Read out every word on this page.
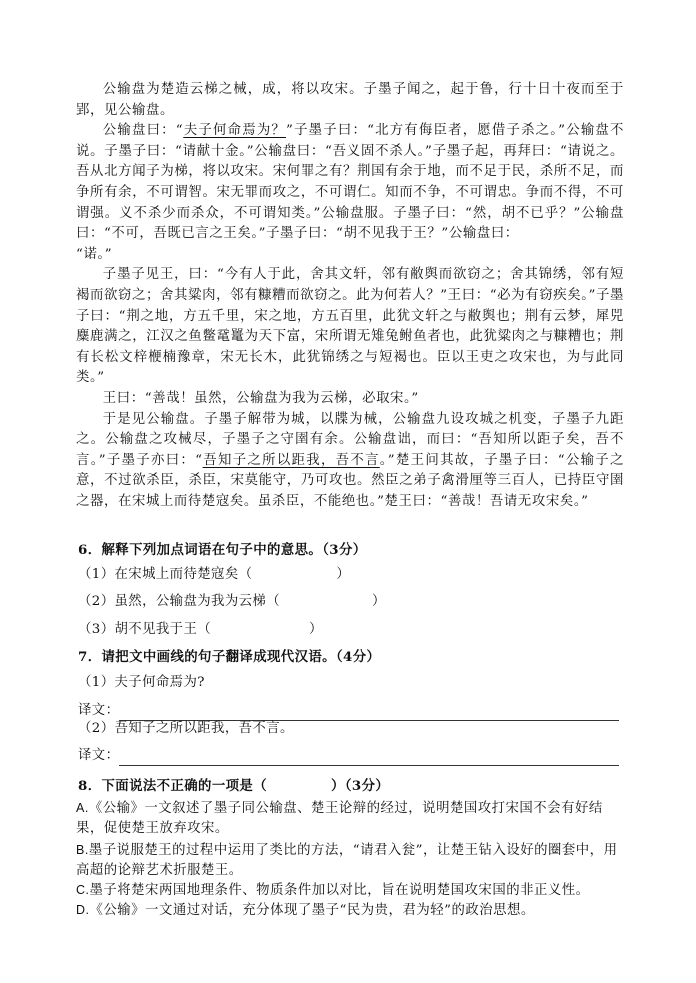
公输盘为楚造云梯之械，成，将以攻宋。子墨子闻之，起于鲁，行十日十夜而至于郢，见公输盘。

公输盘曰：“夫子何命焉为？”子墨子曰：“北方有侮臣者，愿借子杀之。”公输盘不说。子墨子曰：“请献十金。”公输盘曰：“吾义固不杀人。”子墨子起，再拜曰：“请说之。吾从北方闻子为梯，将以攻宋。宋何罪之有？荆国有余于地，而不足于民，杀所不足，而争所有余，不可谓智。宋无罪而攻之，不可谓仁。知而不争，不可谓忠。争而不得，不可谓强。义不杀少而杀众，不可谓知类。”公输盘服。子墨子曰：“然，胡不已乎？”公输盘曰：“不可，吾既已言之王矣。”子墨子曰：“胡不见我于王？”公输盘曰：

“诺。”

子墨子见王，曰：“今有人于此，舍其文轩，邻有敝舆而欲窃之；舍其锦绣，邻有短褐而欲窃之；舍其粱肉，邻有糠糟而欲窃之。此为何若人？”王曰：“必为有窃疾矣。”子墨子曰：“荆之地，方五千里，宋之地，方五百里，此犹文轩之与敝舆也；荆有云梦，犀兕麋鹿满之，江汉之鱼鳖鼋鼍为天下富，宋所谓无雉兔鲋鱼者也，此犹粱肉之与糠糟也；荆有长松文梓楩楠豫章，宋无长木，此犹锦绣之与短褐也。臣以王吏之攻宋也，为与此同类。”

王曰：“善哉！虽然，公输盘为我为云梯，必取宋。”

于是见公输盘。子墨子解带为城，以牒为械，公输盘九设攻城之机变，子墨子九距之。公输盘之攻械尽，子墨子之守圉有余。公输盘诎，而曰：“吾知所以距子矣，吾不言。”子墨子亦曰：“吾知子之所以距我，吾不言。”楚王问其故，子墨子曰：“公输子之意，不过欲杀臣，杀臣，宋莫能守，乃可攻也。然臣之弟子禽滑厘等三百人，已持臣守圉之器，在宋城上而待楚寇矣。虽杀臣，不能绝也。”楚王曰：“善哉！吾请无攻宋矣。”

6．解释下列加点词语在句子中的意思。（3分）
（1）在宋城上而待楚寇矣（	）
（2）虽然，公输盘为我为云梯（	）
（3）胡不见我于王（	）
7．请把文中画线的句子翻译成现代汉语。（4分）
（1）夫子何命焉为?
译文：
（2）吾知子之所以距我，吾不言。
译文：
8．下面说法不正确的一项是（	）（3分）
A.《公输》一文叙述了墨子同公输盘、楚王论辩的经过，说明楚国攻打宋国不会有好结果，促使楚王放弃攻宋。
B.墨子说服楚王的过程中运用了类比的方法，“请君入瓮”，让楚王钻入设好的圈套中，用高超的论辩艺术折服楚王。
C.墨子将楚宋两国地理条件、物质条件加以对比，旨在说明楚国攻宋国的非正义性。
D.《公输》一文通过对话，充分体现了墨子“民为贵，君为轻”的政治思想。
